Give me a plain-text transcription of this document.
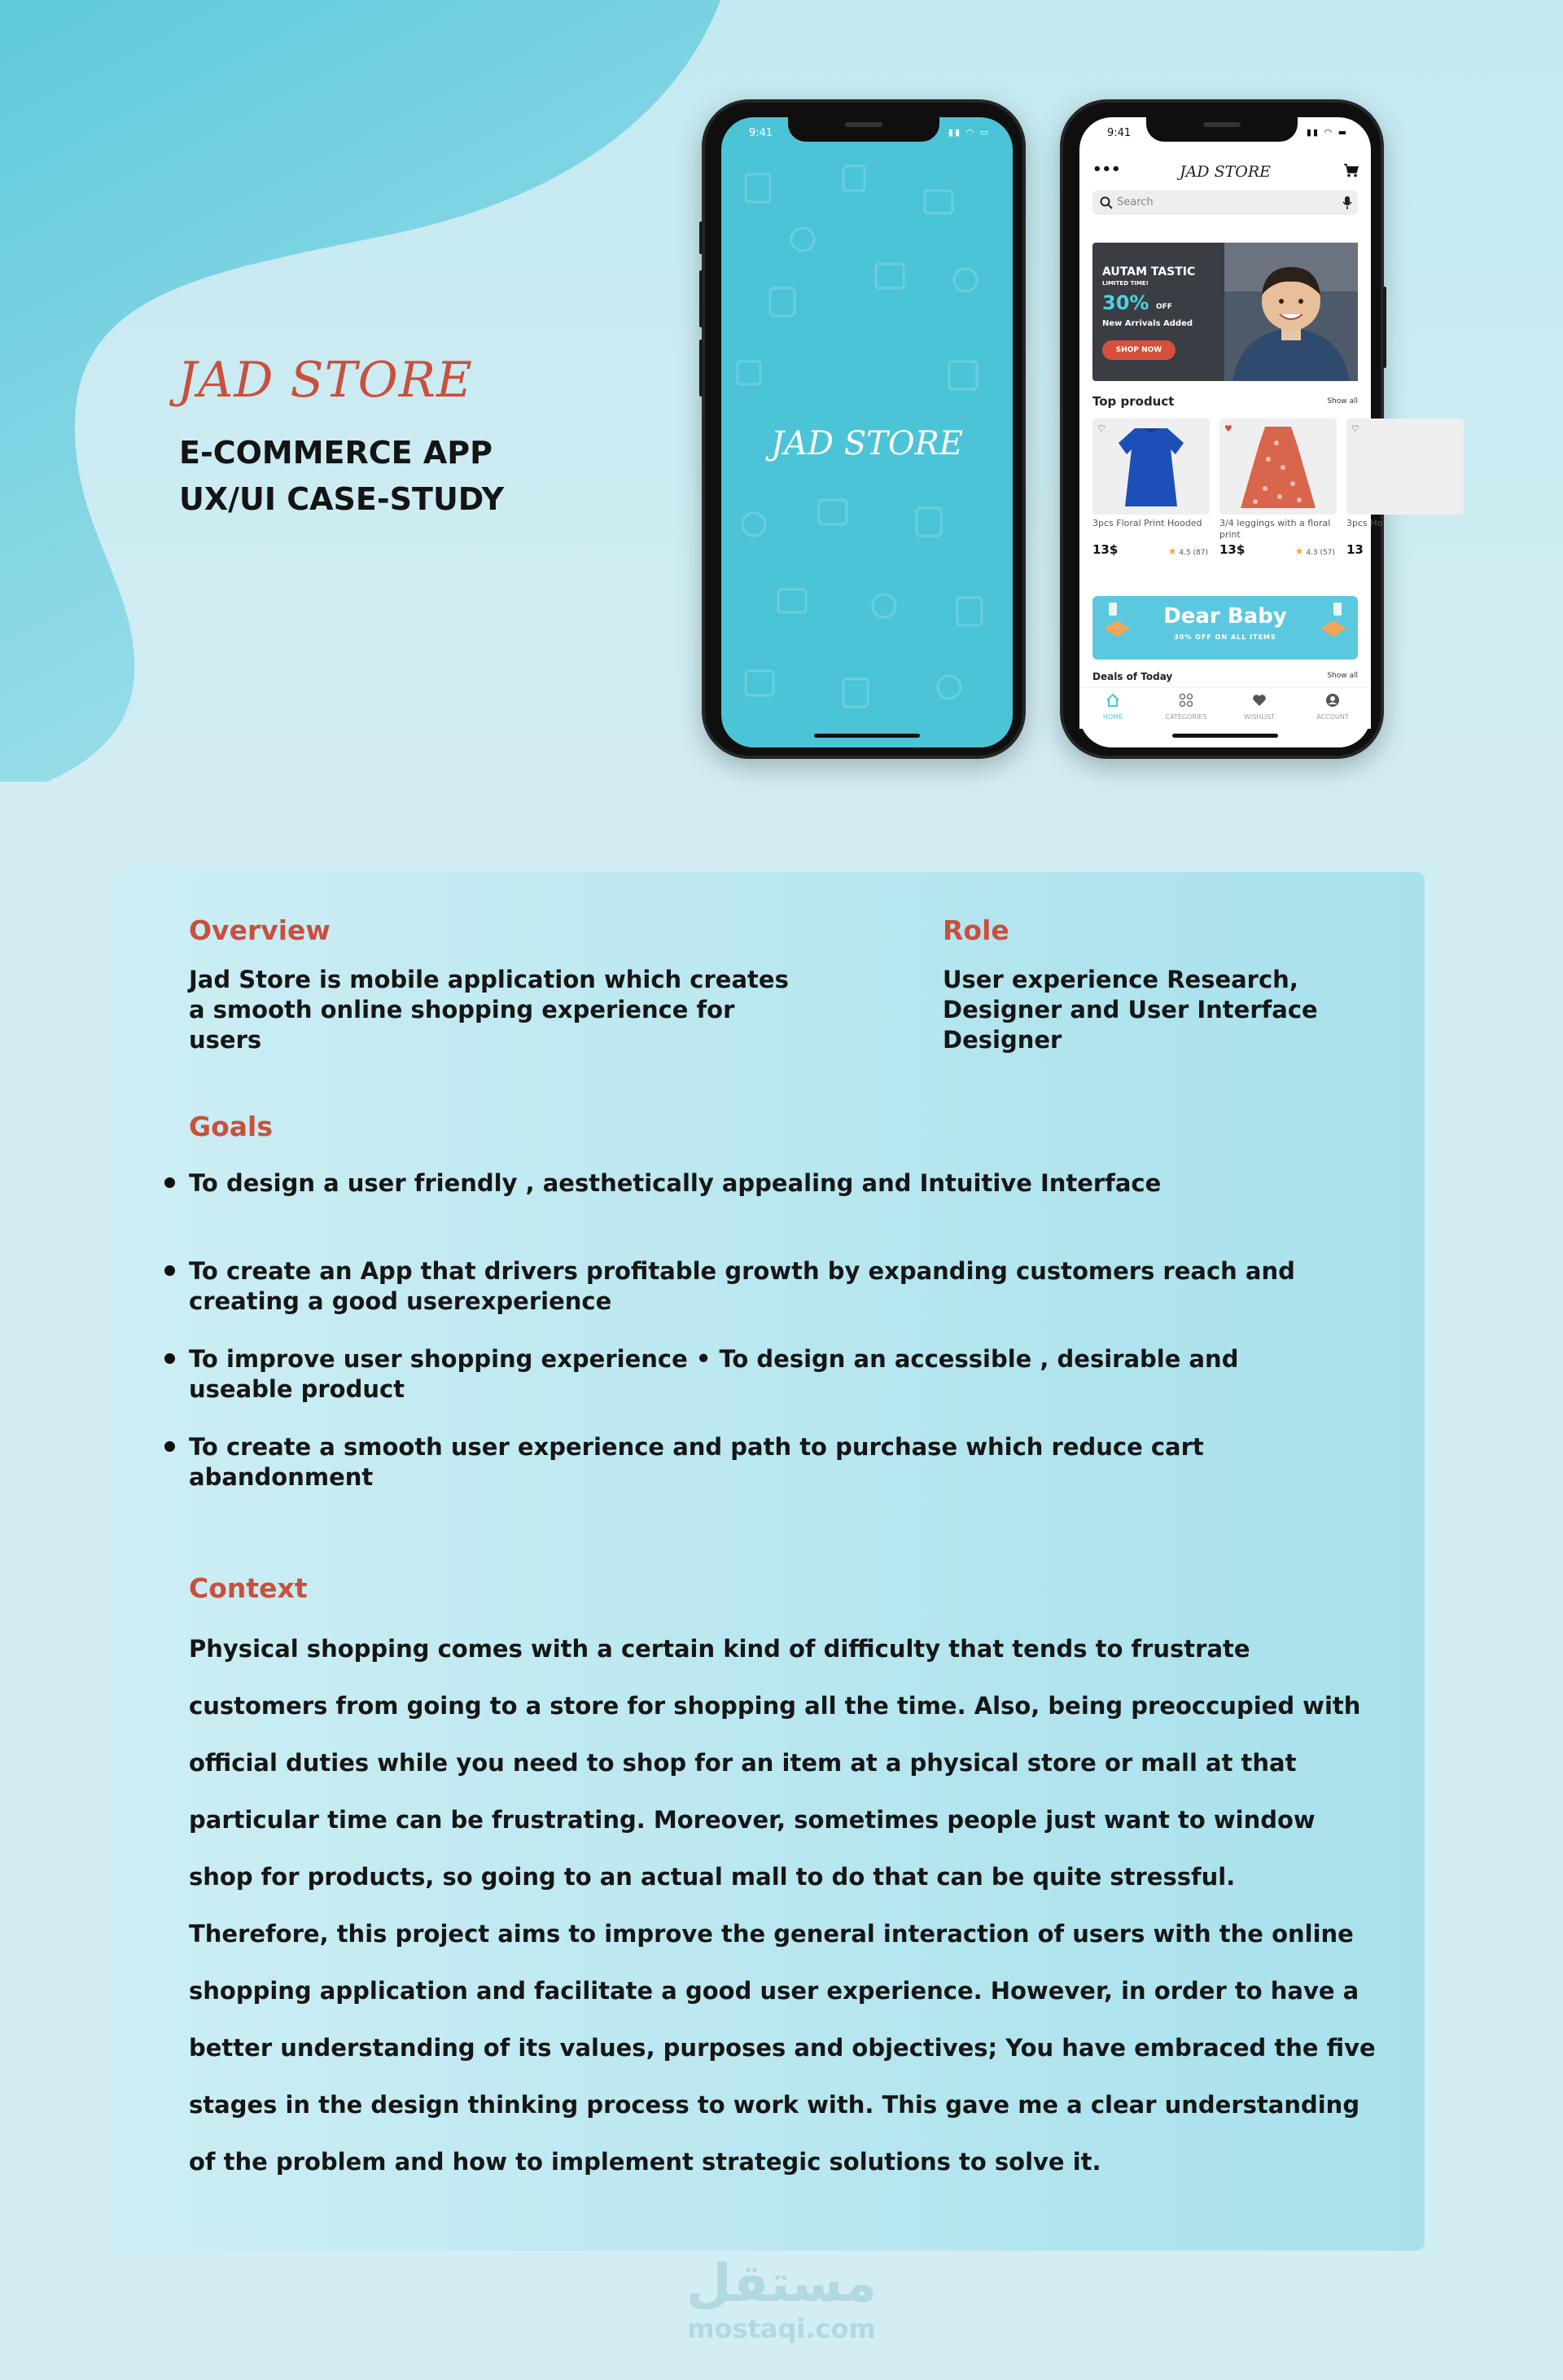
JAD STORE
E-COMMERCE APP
UX/UI CASE-STUDY
9:41	▮▮ ◠ ▭
JAD STORE
9:41	▮▮ ◠ ▬
•••	JAD STORE
Search
AUTAM TASTIC
LIMITED TIME!
30% OFF
New Arrivals Added
SHOP NOW
Top product	Show all
♡
3pcs Floral Print Hooded
13$	★ 4.5 (87)
♥
3/4 leggings with a floral print
13$	★ 4.3 (57)
♡
3pcs Ho
13
Dear Baby
30% OFF ON ALL ITEMS
Deals of Today	Show all
HOME	CATEGORIES	WISHLIST	ACCOUNT
Overview
Jad Store is mobile application which creates a smooth online shopping experience for users
Role
User experience Research, Designer and User Interface Designer
Goals
To design a user friendly , aesthetically appealing and Intuitive Interface
To create an App that drivers profitable growth by expanding customers reach and creating a good userexperience
To improve user shopping experience • To design an accessible , desirable and useable product
To create a smooth user experience and path to purchase which reduce cart abandonment
Context
Physical shopping comes with a certain kind of difficulty that tends to frustrate customers from going to a store for shopping all the time. Also, being preoccupied with official duties while you need to shop for an item at a physical store or mall at that particular time can be frustrating. Moreover, sometimes people just want to window shop for products, so going to an actual mall to do that can be quite stressful. Therefore, this project aims to improve the general interaction of users with the online shopping application and facilitate a good user experience. However, in order to have a better understanding of its values, purposes and objectives; You have embraced the five stages in the design thinking process to work with. This gave me a clear understanding of the problem and how to implement strategic solutions to solve it.
مستقل
mostaqi.com
